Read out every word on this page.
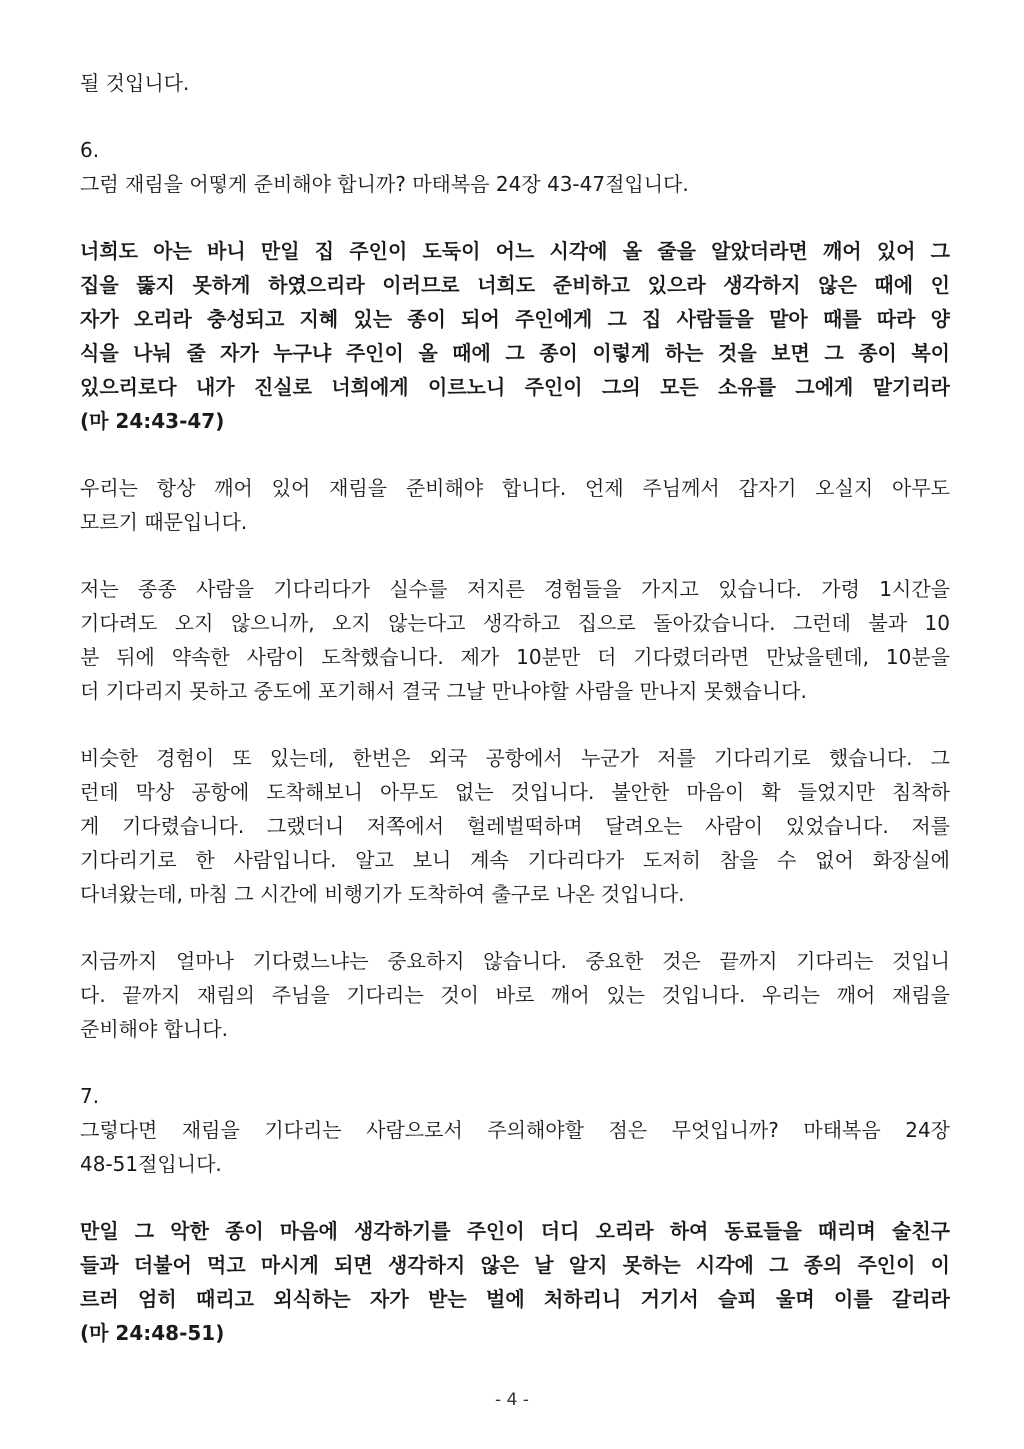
될 것입니다.
6.
그럼 재림을 어떻게 준비해야 합니까? 마태복음 24장 43-47절입니다.
너희도 아는 바니 만일 집 주인이 도둑이 어느 시각에 올 줄을 알았더라면 깨어 있어 그
집을 뚫지 못하게 하였으리라 이러므로 너희도 준비하고 있으라 생각하지 않은 때에 인
자가 오리라 충성되고 지혜 있는 종이 되어 주인에게 그 집 사람들을 맡아 때를 따라 양
식을 나눠 줄 자가 누구냐 주인이 올 때에 그 종이 이렇게 하는 것을 보면 그 종이 복이
있으리로다 내가 진실로 너희에게 이르노니 주인이 그의 모든 소유를 그에게 맡기리라
(마 24:43-47)
우리는 항상 깨어 있어 재림을 준비해야 합니다. 언제 주님께서 갑자기 오실지 아무도
모르기 때문입니다.
저는 종종 사람을 기다리다가 실수를 저지른 경험들을 가지고 있습니다. 가령 1시간을
기다려도 오지 않으니까, 오지 않는다고 생각하고 집으로 돌아갔습니다. 그런데 불과 10
분 뒤에 약속한 사람이 도착했습니다. 제가 10분만 더 기다렸더라면 만났을텐데, 10분을
더 기다리지 못하고 중도에 포기해서 결국 그날 만나야할 사람을 만나지 못했습니다.
비슷한 경험이 또 있는데, 한번은 외국 공항에서 누군가 저를 기다리기로 했습니다. 그
런데 막상 공항에 도착해보니 아무도 없는 것입니다. 불안한 마음이 확 들었지만 침착하
게 기다렸습니다. 그랬더니 저쪽에서 헐레벌떡하며 달려오는 사람이 있었습니다. 저를
기다리기로 한 사람입니다. 알고 보니 계속 기다리다가 도저히 참을 수 없어 화장실에
다녀왔는데, 마침 그 시간에 비행기가 도착하여 출구로 나온 것입니다.
지금까지 얼마나 기다렸느냐는 중요하지 않습니다. 중요한 것은 끝까지 기다리는 것입니
다. 끝까지 재림의 주님을 기다리는 것이 바로 깨어 있는 것입니다. 우리는 깨어 재림을
준비해야 합니다.
7.
그렇다면 재림을 기다리는 사람으로서 주의해야할 점은 무엇입니까? 마태복음 24장
48-51절입니다.
만일 그 악한 종이 마음에 생각하기를 주인이 더디 오리라 하여 동료들을 때리며 술친구
들과 더불어 먹고 마시게 되면 생각하지 않은 날 알지 못하는 시각에 그 종의 주인이 이
르러 엄히 때리고 외식하는 자가 받는 벌에 처하리니 거기서 슬피 울며 이를 갈리라
(마 24:48-51)
- 4 -
